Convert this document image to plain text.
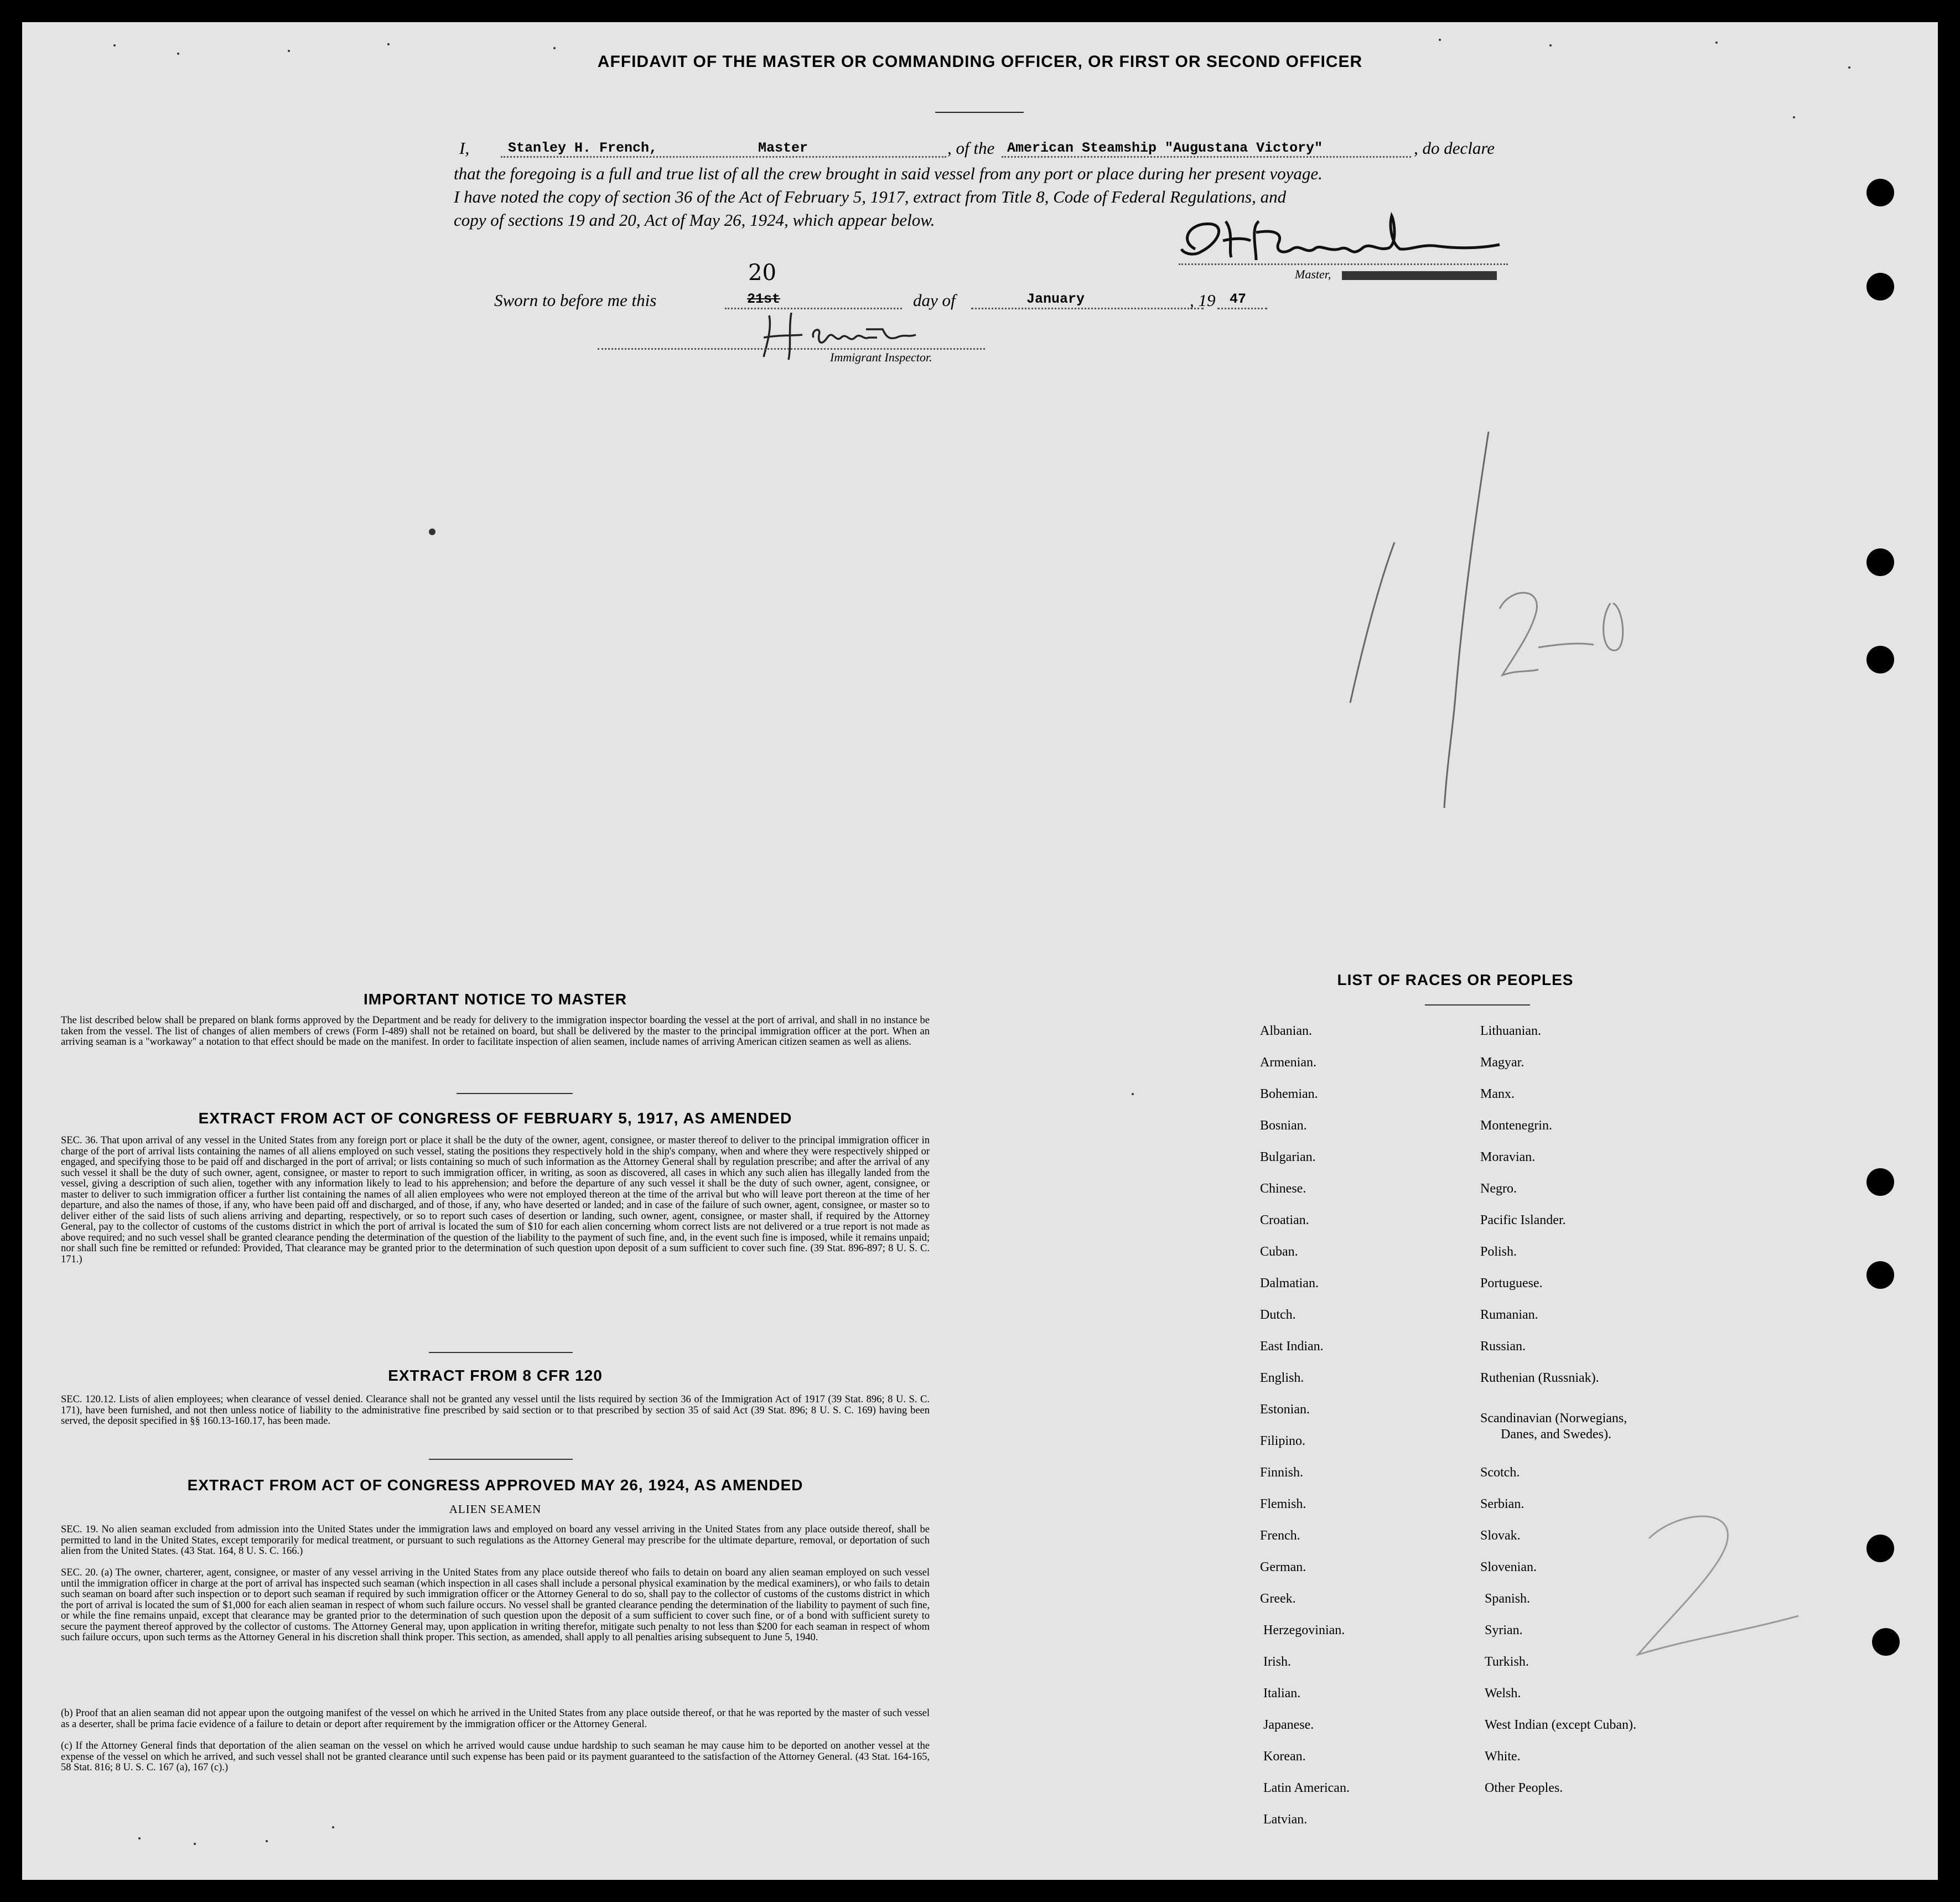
AFFIDAVIT OF THE MASTER OR COMMANDING OFFICER, OR FIRST OR SECOND OFFICER
I,	Stanley H. French,	Master	, of the American Steamship "Augustana Victory"	, do declare
that the foregoing is a full and true list of all the crew brought in said vessel from any port or place during her present voyage.
I have noted the copy of section 36 of the Act of February 5, 1917, extract from Title 8, Code of Federal Regulations, and
copy of sections 19 and 20, Act of May 26, 1924, which appear below.
Master,
Sworn to before me this
20
21st	day of	January	, 19 47
Immigrant Inspector.
IMPORTANT NOTICE TO MASTER
The list described below shall be prepared on blank forms approved by the Department and be ready for delivery to the immigration inspector boarding the vessel at the port of arrival, and shall in no instance be taken from the vessel. The list of changes of alien members of crews (Form I-489) shall not be retained on board, but shall be delivered by the master to the principal immigration officer at the port. When an arriving seaman is a "workaway" a notation to that effect should be made on the manifest. In order to facilitate inspection of alien seamen, include names of arriving American citizen seamen as well as aliens.
EXTRACT FROM ACT OF CONGRESS OF FEBRUARY 5, 1917, AS AMENDED
SEC. 36. That upon arrival of any vessel in the United States from any foreign port or place it shall be the duty of the owner, agent, consignee, or master thereof to deliver to the principal immigration officer in charge of the port of arrival lists containing the names of all aliens employed on such vessel, stating the positions they respectively hold in the ship's company, when and where they were respectively shipped or engaged, and specifying those to be paid off and discharged in the port of arrival; or lists containing so much of such information as the Attorney General shall by regulation prescribe; and after the arrival of any such vessel it shall be the duty of such owner, agent, consignee, or master to report to such immigration officer, in writing, as soon as discovered, all cases in which any such alien has illegally landed from the vessel, giving a description of such alien, together with any information likely to lead to his apprehension; and before the departure of any such vessel it shall be the duty of such owner, agent, consignee, or master to deliver to such immigration officer a further list containing the names of all alien employees who were not employed thereon at the time of the arrival but who will leave port thereon at the time of her departure, and also the names of those, if any, who have been paid off and discharged, and of those, if any, who have deserted or landed; and in case of the failure of such owner, agent, consignee, or master so to deliver either of the said lists of such aliens arriving and departing, respectively, or so to report such cases of desertion or landing, such owner, agent, consignee, or master shall, if required by the Attorney General, pay to the collector of customs of the customs district in which the port of arrival is located the sum of $10 for each alien concerning whom correct lists are not delivered or a true report is not made as above required; and no such vessel shall be granted clearance pending the determination of the question of the liability to the payment of such fine, and, in the event such fine is imposed, while it remains unpaid; nor shall such fine be remitted or refunded: Provided, That clearance may be granted prior to the determination of such question upon deposit of a sum sufficient to cover such fine. (39 Stat. 896-897; 8 U. S. C. 171.)
EXTRACT FROM 8 CFR 120
SEC. 120.12. Lists of alien employees; when clearance of vessel denied. Clearance shall not be granted any vessel until the lists required by section 36 of the Immigration Act of 1917 (39 Stat. 896; 8 U. S. C. 171), have been furnished, and not then unless notice of liability to the administrative fine prescribed by said section or to that prescribed by section 35 of said Act (39 Stat. 896; 8 U. S. C. 169) having been served, the deposit specified in §§ 160.13-160.17, has been made.
EXTRACT FROM ACT OF CONGRESS APPROVED MAY 26, 1924, AS AMENDED
ALIEN SEAMEN
SEC. 19. No alien seaman excluded from admission into the United States under the immigration laws and employed on board any vessel arriving in the United States from any place outside thereof, shall be permitted to land in the United States, except temporarily for medical treatment, or pursuant to such regulations as the Attorney General may prescribe for the ultimate departure, removal, or deportation of such alien from the United States. (43 Stat. 164, 8 U. S. C. 166.)
SEC. 20. (a) The owner, charterer, agent, consignee, or master of any vessel arriving in the United States from any place outside thereof who fails to detain on board any alien seaman employed on such vessel until the immigration officer in charge at the port of arrival has inspected such seaman (which inspection in all cases shall include a personal physical examination by the medical examiners), or who fails to detain such seaman on board after such inspection or to deport such seaman if required by such immigration officer or the Attorney General to do so, shall pay to the collector of customs of the customs district in which the port of arrival is located the sum of $1,000 for each alien seaman in respect of whom such failure occurs. No vessel shall be granted clearance pending the determination of the liability to payment of such fine, or while the fine remains unpaid, except that clearance may be granted prior to the determination of such question upon the deposit of a sum sufficient to cover such fine, or of a bond with sufficient surety to secure the payment thereof approved by the collector of customs. The Attorney General may, upon application in writing therefor, mitigate such penalty to not less than $200 for each seaman in respect of whom such failure occurs, upon such terms as the Attorney General in his discretion shall think proper. This section, as amended, shall apply to all penalties arising subsequent to June 5, 1940.
(b) Proof that an alien seaman did not appear upon the outgoing manifest of the vessel on which he arrived in the United States from any place outside thereof, or that he was reported by the master of such vessel as a deserter, shall be prima facie evidence of a failure to detain or deport after requirement by the immigration officer or the Attorney General.
(c) If the Attorney General finds that deportation of the alien seaman on the vessel on which he arrived would cause undue hardship to such seaman he may cause him to be deported on another vessel at the expense of the vessel on which he arrived, and such vessel shall not be granted clearance until such expense has been paid or its payment guaranteed to the satisfaction of the Attorney General. (43 Stat. 164-165, 58 Stat. 816; 8 U. S. C. 167 (a), 167 (c).)
LIST OF RACES OR PEOPLES
Albanian.
Armenian.
Bohemian.
Bosnian.
Bulgarian.
Chinese.
Croatian.
Cuban.
Dalmatian.
Dutch.
East Indian.
English.
Estonian.
Filipino.
Finnish.
Flemish.
French.
German.
Greek.
Herzegovinian.
Irish.
Italian.
Japanese.
Korean.
Latin American.
Latvian.
Lithuanian.
Magyar.
Manx.
Montenegrin.
Moravian.
Negro.
Pacific Islander.
Polish.
Portuguese.
Rumanian.
Russian.
Ruthenian (Russniak).
Scandinavian (Norwegians,
Danes, and Swedes).
Scotch.
Serbian.
Slovak.
Slovenian.
Spanish.
Syrian.
Turkish.
Welsh.
West Indian (except Cuban).
White.
Other Peoples.
